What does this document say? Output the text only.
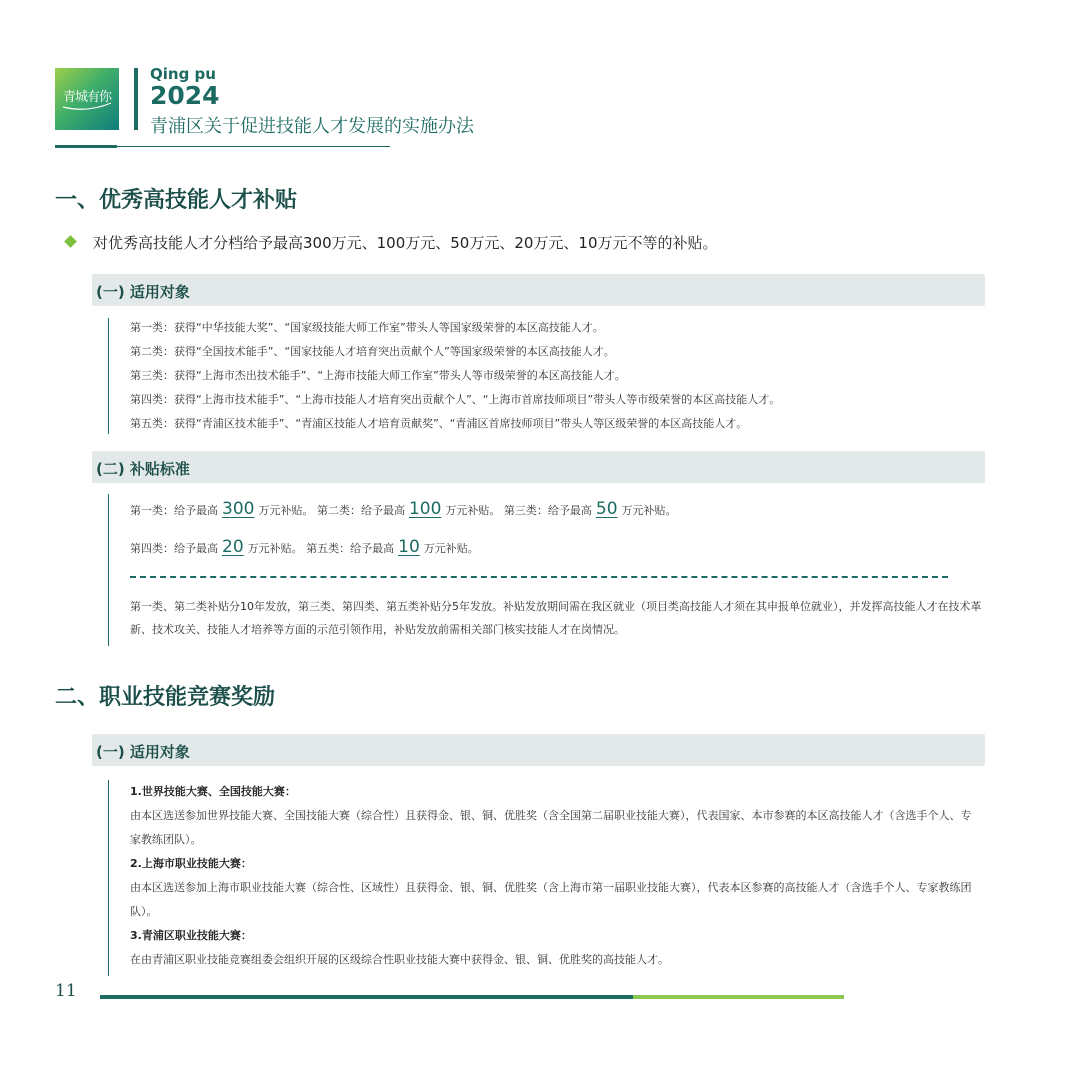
青城有你
Qing pu
2024
青浦区关于促进技能人才发展的实施办法
一、优秀高技能人才补贴
对优秀高技能人才分档给予最高300万元、100万元、50万元、20万元、10万元不等的补贴。
(一) 适用对象
第一类：获得“中华技能大奖”、“国家级技能大师工作室”带头人等国家级荣誉的本区高技能人才。
第二类：获得“全国技术能手”、“国家技能人才培育突出贡献个人”等国家级荣誉的本区高技能人才。
第三类：获得“上海市杰出技术能手”、“上海市技能大师工作室”带头人等市级荣誉的本区高技能人才。
第四类：获得“上海市技术能手”、“上海市技能人才培育突出贡献个人”、“上海市首席技师项目”带头人等市级荣誉的本区高技能人才。
第五类：获得“青浦区技术能手”、“青浦区技能人才培育贡献奖”、“青浦区首席技师项目”带头人等区级荣誉的本区高技能人才。
(二) 补贴标准
第一类：给予最高 300 万元补贴。 第二类：给予最高 100 万元补贴。 第三类：给予最高 50 万元补贴。
第四类：给予最高 20 万元补贴。 第五类：给予最高 10 万元补贴。
第一类、第二类补贴分10年发放，第三类、第四类、第五类补贴分5年发放。补贴发放期间需在我区就业（项目类高技能人才须在其申报单位就业），并发挥高技能人才在技术革新、技术攻关、技能人才培养等方面的示范引领作用，补贴发放前需相关部门核实技能人才在岗情况。
二、职业技能竞赛奖励
(一) 适用对象
1.世界技能大赛、全国技能大赛：
由本区选送参加世界技能大赛、全国技能大赛（综合性）且获得金、银、铜、优胜奖（含全国第二届职业技能大赛），代表国家、本市参赛的本区高技能人才（含选手个人、专家教练团队）。
2.上海市职业技能大赛：
由本区选送参加上海市职业技能大赛（综合性、区域性）且获得金、银、铜、优胜奖（含上海市第一届职业技能大赛），代表本区参赛的高技能人才（含选手个人、专家教练团队）。
3.青浦区职业技能大赛：
在由青浦区职业技能竞赛组委会组织开展的区级综合性职业技能大赛中获得金、银、铜、优胜奖的高技能人才。
11
